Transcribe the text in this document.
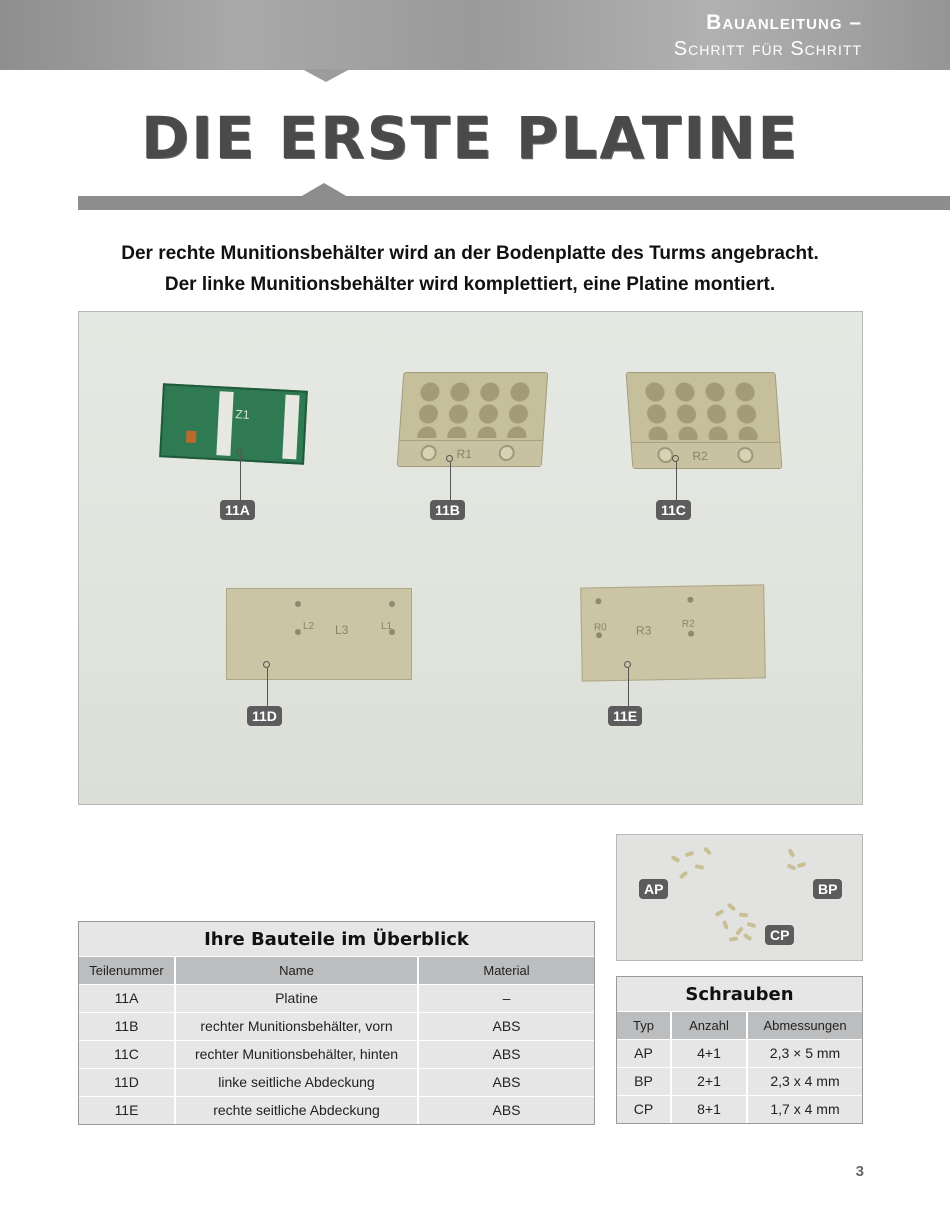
Bauanleitung –
Schritt für Schritt
DIE ERSTE PLATINE
Der rechte Munitionsbehälter wird an der Bodenplatte des Turms angebracht.
Der linke Munitionsbehälter wird komplettiert, eine Platine montiert.
Z1
11A
R1
11B
R2
11C
L2 L3	L1
11D
R0 R3	R2
11E
AP	BP
CP
Ihre Bauteile im Überblick
Teilenummer	Name	Material
11A	Platine	–
11B	rechter Munitionsbehälter, vorn	ABS
11C	rechter Munitionsbehälter, hinten	ABS
11D	linke seitliche Abdeckung	ABS
11E	rechte seitliche Abdeckung	ABS
Schrauben
Typ	Anzahl	Abmessungen
AP	4+1	2,3 × 5 mm
BP	2+1	2,3 x 4 mm
CP	8+1	1,7 x 4 mm
3
